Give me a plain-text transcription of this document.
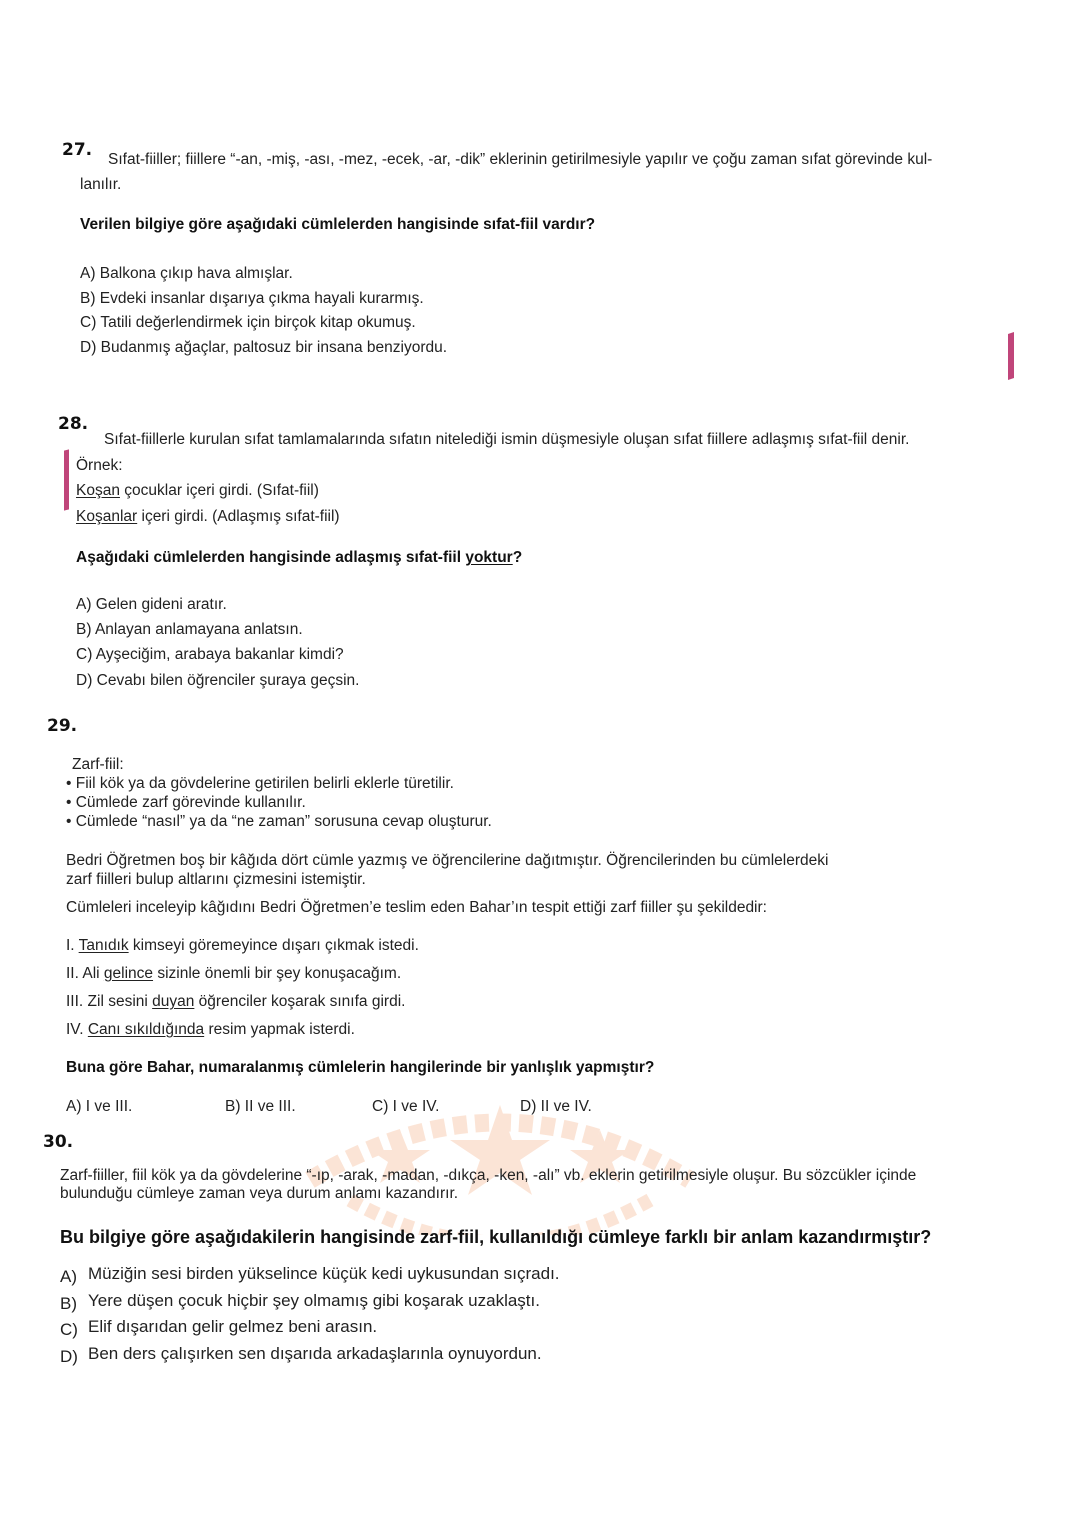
27. Sıfat-fiiller; fiillere “-an, -miş, -ası, -mez, -ecek, -ar, -dik” eklerinin getirilmesiyle yapılır ve çoğu zaman sıfat görevinde kul-
lanılır.
Verilen bilgiye göre aşağıdaki cümlelerden hangisinde sıfat-fiil vardır?
A) Balkona çıkıp hava almışlar.
B) Evdeki insanlar dışarıya çıkma hayali kurarmış.
C) Tatili değerlendirmek için birçok kitap okumuş.
D) Budanmış ağaçlar, paltosuz bir insana benziyordu.
28.
Sıfat-fiillerle kurulan sıfat tamlamalarında sıfatın nitelediği ismin düşmesiyle oluşan sıfat fiillere adlaşmış sıfat-fiil denir.
Örnek:
Koşan çocuklar içeri girdi. (Sıfat-fiil)
Koşanlar içeri girdi. (Adlaşmış sıfat-fiil)
Aşağıdaki cümlelerden hangisinde adlaşmış sıfat-fiil yoktur?
A) Gelen gideni aratır.
B) Anlayan anlamayana anlatsın.
C) Ayşeciğim, arabaya bakanlar kimdi?
D) Cevabı bilen öğrenciler şuraya geçsin.
29.
Zarf-fiil:
• Fiil kök ya da gövdelerine getirilen belirli eklerle türetilir.
• Cümlede zarf görevinde kullanılır.
• Cümlede “nasıl” ya da “ne zaman” sorusuna cevap oluşturur.
Bedri Öğretmen boş bir kâğıda dört cümle yazmış ve öğrencilerine dağıtmıştır. Öğrencilerinden bu cümlelerdeki
zarf fiilleri bulup altlarını çizmesini istemiştir.
Cümleleri inceleyip kâğıdını Bedri Öğretmen’e teslim eden Bahar’ın tespit ettiği zarf fiiller şu şekildedir:
I. Tanıdık kimseyi göremeyince dışarı çıkmak istedi.
II. Ali gelince sizinle önemli bir şey konuşacağım.
III. Zil sesini duyan öğrenciler koşarak sınıfa girdi.
IV. Canı sıkıldığında resim yapmak isterdi.
Buna göre Bahar, numaralanmış cümlelerin hangilerinde bir yanlışlık yapmıştır?
A) I ve III.	B) II ve III.	C) I ve IV.	D) II ve IV.
30.
Zarf-fiiller, fiil kök ya da gövdelerine “-ıp, -arak, -madan, -dıkça, -ken, -alı” vb. eklerin getirilmesiyle oluşur. Bu sözcükler içinde
bulunduğu cümleye zaman veya durum anlamı kazandırır.
Bu bilgiye göre aşağıdakilerin hangisinde zarf-fiil, kullanıldığı cümleye farklı bir anlam kazandırmıştır?
A) Müziğin sesi birden yükselince küçük kedi uykusundan sıçradı.
B) Yere düşen çocuk hiçbir şey olmamış gibi koşarak uzaklaştı.
C) Elif dışarıdan gelir gelmez beni arasın.
D) Ben ders çalışırken sen dışarıda arkadaşlarınla oynuyordun.
